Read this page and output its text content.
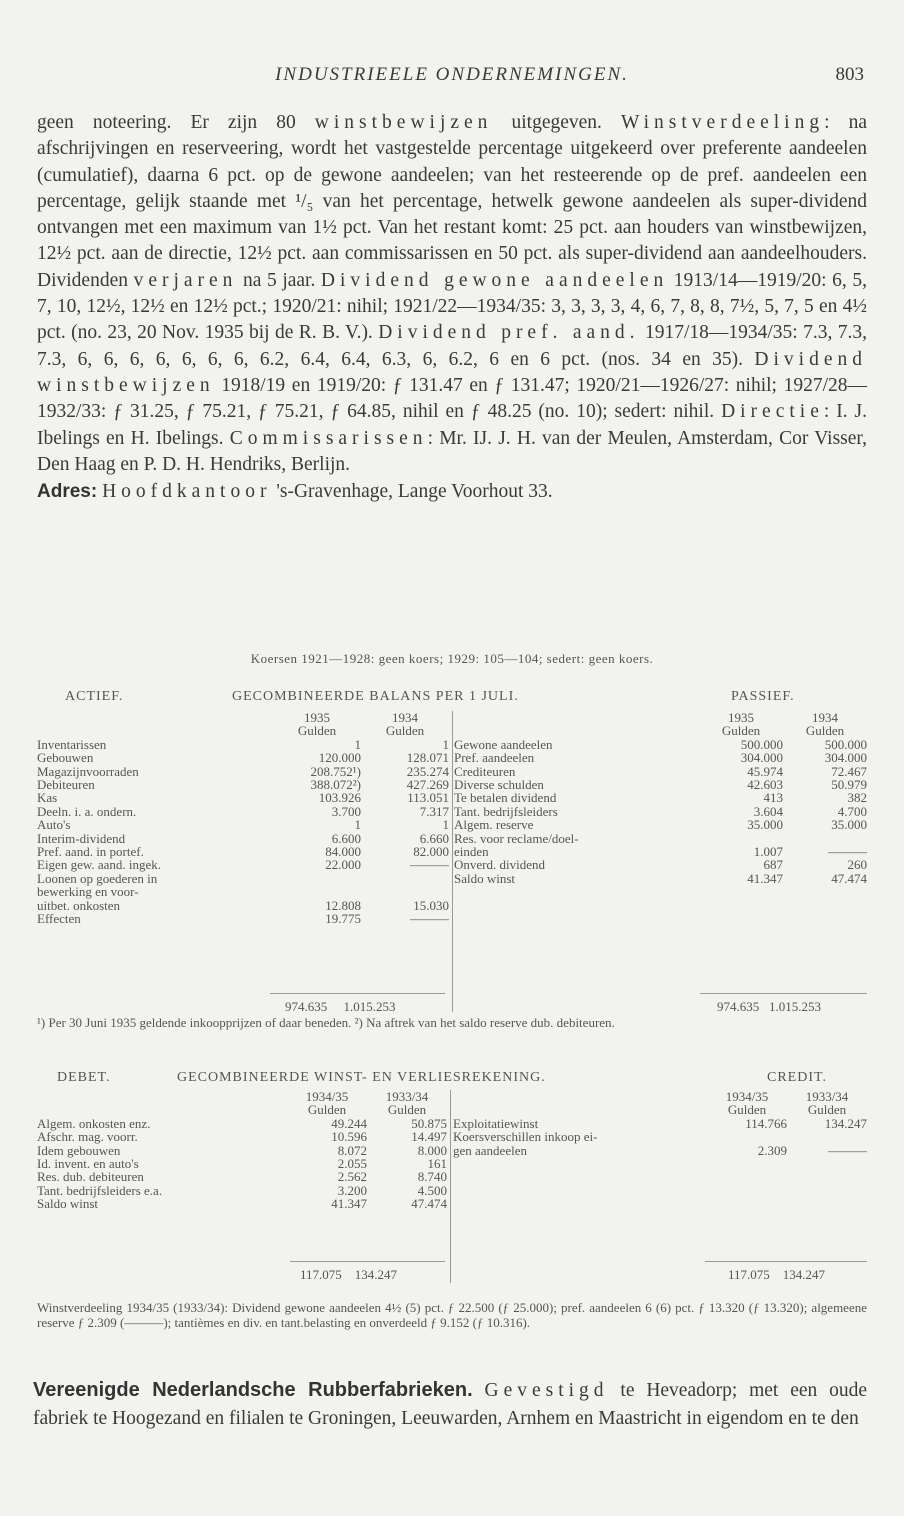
INDUSTRIEELE ONDERNEMINGEN.	803

geen noteering. Er zijn 80 winstbewijzen uitgegeven. Winstverdeeling: na afschrijvingen en reserveering, wordt het vastgestelde percentage uitgekeerd over preferente aandeelen (cumulatief), daarna 6 pct. op de gewone aandeelen; van het resteerende op de pref. aandeelen een percentage, gelijk staande met ¹/₅ van het percentage, hetwelk gewone aandeelen als super-dividend ontvangen met een maximum van 1½ pct. Van het restant komt: 25 pct. aan houders van winstbewijzen, 12½ pct. aan de directie, 12½ pct. aan commissarissen en 50 pct. als super-dividend aan aandeelhouders. Dividenden verjaren na 5 jaar. Dividend gewone aandeelen 1913/14—1919/20: 6, 5, 7, 10, 12½, 12½ en 12½ pct.; 1920/21: nihil; 1921/22—1934/35: 3, 3, 3, 3, 4, 6, 7, 8, 8, 7½, 5, 7, 5 en 4½ pct. (no. 23, 20 Nov. 1935 bij de R. B. V.). Dividend pref. aand. 1917/18—1934/35: 7.3, 7.3, 7.3, 6, 6, 6, 6, 6, 6, 6, 6.2, 6.4, 6.4, 6.3, 6, 6.2, 6 en 6 pct. (nos. 34 en 35). Dividend winstbewijzen 1918/19 en 1919/20: ƒ 131.47 en ƒ 131.47; 1920/21—1926/27: nihil; 1927/28—1932/33: ƒ 31.25, ƒ 75.21, ƒ 75.21, ƒ 64.85, nihil en ƒ 48.25 (no. 10); sedert: nihil. Directie: I. J. Ibelings en H. Ibelings. Commissarissen: Mr. IJ. J. H. van der Meulen, Amsterdam, Cor Visser, Den Haag en P. D. H. Hendriks, Berlijn.

Adres: Hoofdkantoor 's-Gravenhage, Lange Voorhout 33.

Koersen 1921—1928: geen koers; 1929: 105—104; sedert: geen koers.
ACTIEF.	GECOMBINEERDE BALANS PER 1 JULI.	PASSIEF.
	1935	1934
	Gulden	Gulden
Inventarissen	1	1
Gebouwen	120.000	128.071
Magazijnvoorraden	208.752¹)	235.274
Debiteuren	388.072²)	427.269
Kas	103.926	113.051
Deeln. i. a. ondern.	3.700	7.317
Auto's	1	1
Interim-dividend	6.600	6.660
Pref. aand. in portef.	84.000	82.000
Eigen gew. aand. ingek.	22.000	———
Loonen op goederen in		
bewerking en voor-		
uitbet. onkosten	12.808	15.030
Effecten	19.775	———
	1935	1934
	Gulden	Gulden
Gewone aandeelen	500.000	500.000
Pref. aandeelen	304.000	304.000
Crediteuren	45.974	72.467
Diverse schulden	42.603	50.979
Te betalen dividend	413	382
Tant. bedrijfsleiders	3.604	4.700
Algem. reserve	35.000	35.000
Res. voor reclame/doel-		
einden	1.007	———
Onverd. dividend	687	260
Saldo winst	41.347	47.474
974.635 1.015.253	974.635 1.015.253
¹) Per 30 Juni 1935 geldende inkoopprijzen of daar beneden. ²) Na aftrek van het saldo reserve dub. debiteuren.
DEBET.	GECOMBINEERDE WINST- EN VERLIESREKENING.	CREDIT.
	1934/35	1933/34
	Gulden	Gulden
Algem. onkosten enz.	49.244	50.875
Afschr. mag. voorr.	10.596	14.497
Idem gebouwen	8.072	8.000
Id. invent. en auto's	2.055	161
Res. dub. debiteuren	2.562	8.740
Tant. bedrijfsleiders e.a.	3.200	4.500
Saldo winst	41.347	47.474
	1934/35	1933/34
	Gulden	Gulden
Exploitatiewinst	114.766	134.247
Koersverschillen inkoop ei-		
gen aandeelen	2.309	———
117.075 134.247	117.075 134.247
Winstverdeeling 1934/35 (1933/34): Dividend gewone aandeelen 4½ (5) pct. ƒ 22.500 (ƒ 25.000); pref. aandeelen 6 (6) pct. ƒ 13.320 (ƒ 13.320); algemeene reserve ƒ 2.309 (———); tantièmes en div. en tant.belasting en onverdeeld ƒ 9.152 (ƒ 10.316).
Vereenigde Nederlandsche Rubberfabrieken. Gevestigd te Heveadorp; met een oude fabriek te Hoogezand en filialen te Groningen, Leeuwarden, Arnhem en Maastricht in eigendom en te den
